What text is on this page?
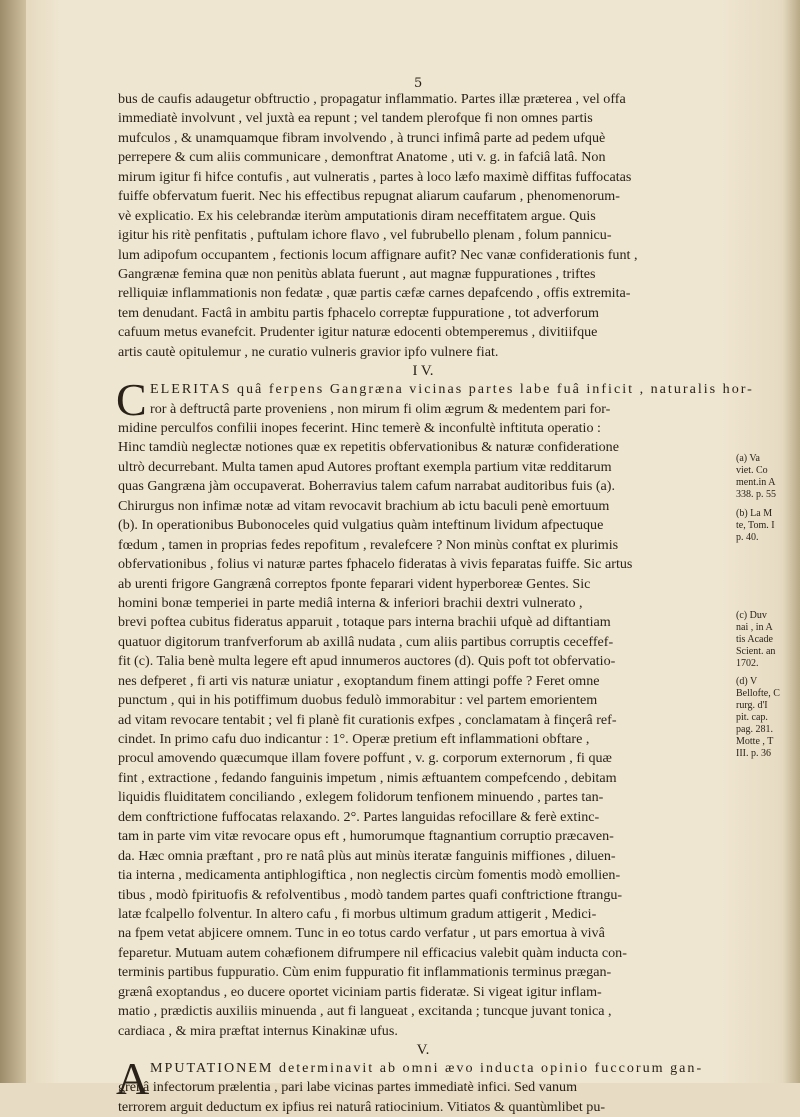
5
bus de caufis adaugetur obftructio , propagatur inflammatio. Partes illæ præterea , vel offa
immediatè involvunt , vel juxtà ea repunt ; vel tandem plerofque fi non omnes partis
mufculos , & unamquamque fibram involvendo , à trunci infimâ parte ad pedem ufquè
perrepere & cum aliis communicare , demonftrat Anatome , uti v. g. in fafciâ latâ. Non
mirum igitur fi hifce contufis , aut vulneratis , partes à loco læfo maximè diffitas fuffocatas
fuiffe obfervatum fuerit. Nec his effectibus repugnat aliarum caufarum , phenomenorum-
vè explicatio. Ex his celebrandæ iterùm amputationis diram neceffitatem argue. Quis
igitur his ritè penfitatis , puftulam ichore flavo , vel fubrubello plenam , folum pannicu-
lum adipofum occupantem , fectionis locum affignare aufit? Nec vanæ confiderationis funt ,
Gangrænæ femina quæ non penitùs ablata fuerunt , aut magnæ fuppurationes , triftes
relliquiæ inflammationis non fedatæ , quæ partis cæfæ carnes depafcendo , offis extremita-
tem denudant. Factâ in ambitu partis fphacelo correptæ fuppuratione , tot adverforum
cafuum metus evanefcit. Prudenter igitur naturæ edocenti obtemperemus , divitiifque
artis cautè opitulemur , ne curatio vulneris gravior ipfo vulnere fiat.
I V.
C ELERITAS quâ ferpens Gangræna vicinas partes labe fuâ inficit , naturalis hor-
ror à deftructâ parte proveniens , non mirum fi olim ægrum & medentem pari for-
midine perculfos confilii inopes fecerint. Hinc temerè & inconfultè inftituta operatio :
Hinc tamdiù neglectæ notiones quæ ex repetitis obfervationibus & naturæ confideratione
ultrò decurrebant. Multa tamen apud Autores proftant exempla partium vitæ redditarum
quas Gangræna jàm occupaverat. Boherravius talem cafum narrabat auditoribus fuis (a).
Chirurgus non infimæ notæ ad vitam revocavit brachium ab ictu baculi penè emortuum
(b). In operationibus Bubonoceles quid vulgatius quàm inteftinum lividum afpectuque
fœdum , tamen in proprias fedes repofitum , revalefcere ? Non minùs conftat ex plurimis
obfervationibus , folius vi naturæ partes fphacelo fideratas à vivis feparatas fuiffe. Sic artus
ab urenti frigore Gangrænâ correptos fponte feparari vident hyperboreæ Gentes. Sic
homini bonæ temperiei in parte mediâ interna & inferiori brachii dextri vulnerato ,
brevi poftea cubitus fideratus apparuit , totaque pars interna brachii ufquè ad diftantiam
quatuor digitorum tranfverforum ab axillâ nudata , cum aliis partibus corruptis ceceffef-
fit (c). Talia benè multa legere eft apud innumeros auctores (d). Quis poft tot obfervatio-
nes defperet , fi arti vis naturæ uniatur , exoptandum finem attingi poffe ? Feret omne
punctum , qui in his potiffimum duobus fedulò immorabitur : vel partem emorientem
ad vitam revocare tentabit ; vel fi planè fit curationis exfpes , conclamatam à finçerâ ref-
cindet. In primo cafu duo indicantur : 1°. Operæ pretium eft inflammationi obftare ,
procul amovendo quæcumque illam fovere poffunt , v. g. corporum externorum , fi quæ
fint , extractione , fedando fanguinis impetum , nimis æftuantem compefcendo , debitam
liquidis fluiditatem conciliando , exlegem folidorum tenfionem minuendo , partes tan-
dem conftrictione fuffocatas relaxando. 2°. Partes languidas refocillare & ferè extinc-
tam in parte vim vitæ revocare opus eft , humorumque ftagnantium corruptio præcaven-
da. Hæc omnia præftant , pro re natâ plùs aut minùs iteratæ fanguinis miffiones , diluen-
tia interna , medicamenta antiphlogiftica , non neglectis circùm fomentis modò emollien-
tibus , modò fpirituofis & refolventibus , modò tandem partes quafi conftrictione ftrangu-
latæ fcalpello folventur. In altero cafu , fi morbus ultimum gradum attigerit , Medici-
na fpem vetat abjicere omnem. Tunc in eo totus cardo verfatur , ut pars emortua à vivâ
feparetur. Mutuam autem cohæfionem difrumpere nil efficacius valebit quàm inducta con-
terminis partibus fuppuratio. Cùm enim fuppuratio fit inflammationis terminus prægan-
grænâ exoptandus , eo ducere oportet viciniam partis fideratæ. Si vigeat igitur inflam-
matio , prædictis auxiliis minuenda , aut fi langueat , excitanda ; tuncque juvant tonica ,
cardiaca , & mira præftat internus Kinakinæ ufus.
V.
A MPUTATIONEM determinavit ab omni ævo inducta opinio fuccorum gan-
grenâ infectorum prælentia , pari labe vicinas partes immediatè infici. Sed vanum
terrorem arguit deductum ex ipfius rei naturâ ratiocinium. Vitiatos & quantùmlibet pu-
(a) Va
viet. Co
ment.in A
338. p. 55
(b) La M
te, Tom. I
p. 40.
(c) Duv
nai , in A
tis Acade
Scient. an
1702.
(d) V
Bellofte, C
rurg. d'I
pit. cap.
pag. 281.
Motte , T
III. p. 36
